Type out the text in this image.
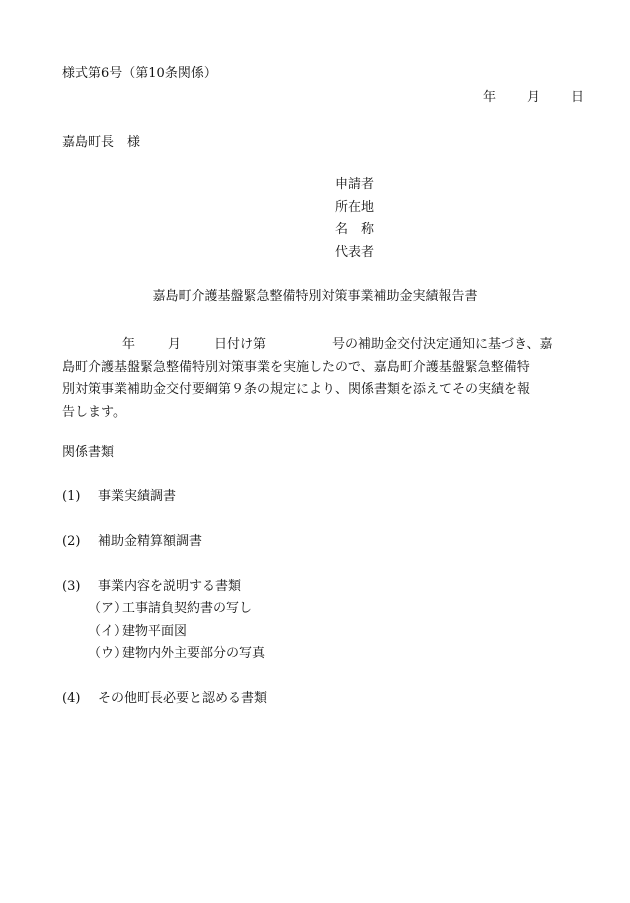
様式第6号（第10条関係）
年 月 日
嘉島町長　様
申請者
所在地
名　称
代表者
嘉島町介護基盤緊急整備特別対策事業補助金実績報告書
年	月	日付け第	号の補助金交付決定通知に基づき、嘉
島町介護基盤緊急整備特別対策事業を実施したので、嘉島町介護基盤緊急整備特
別対策事業補助金交付要綱第９条の規定により、関係書類を添えてその実績を報
告します。
関係書類
(1) 事業実績調書
(2) 補助金精算額調書
(3) 事業内容を説明する書類
（ア）工事請負契約書の写し
（イ）建物平面図
（ウ）建物内外主要部分の写真
(4) その他町長必要と認める書類
